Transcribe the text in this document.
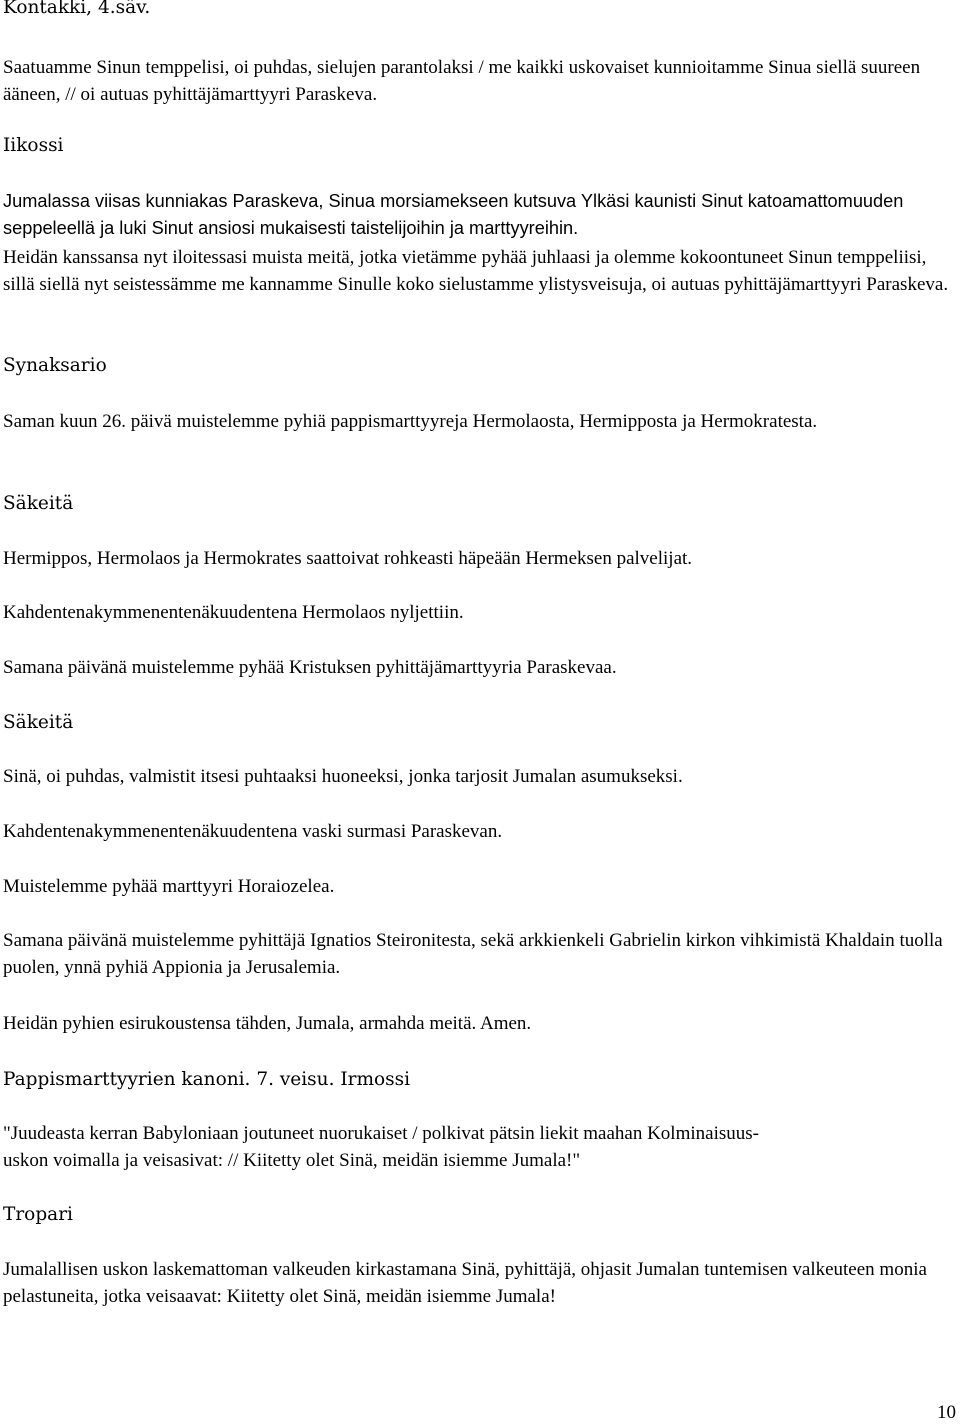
Kontakki, 4.säv.

Saatuamme Sinun temppelisi, oi puhdas, sielujen parantolaksi / me kaikki uskovaiset kunnioitamme Sinua siellä suureen ääneen, // oi autuas pyhittäjämarttyyri Paraskeva.

Iikossi

Jumalassa viisas kunniakas Paraskeva, Sinua morsiamekseen kutsuva Ylkäsi kaunisti Sinut katoamattomuuden seppeleellä ja luki Sinut ansiosi mukaisesti taistelijoihin ja marttyyreihin.

Heidän kanssansa nyt iloitessasi muista meitä, jotka vietämme pyhää juhlaasi ja olemme kokoontuneet Sinun temppeliisi, sillä siellä nyt seistessämme me kannamme Sinulle koko sielustamme ylistysveisuja, oi autuas pyhittäjämarttyyri Paraskeva.

Synaksario

Saman kuun 26. päivä muistelemme pyhiä pappismarttyyreja Hermolaosta, Hermipposta ja Hermokratesta.

Säkeitä

Hermippos, Hermolaos ja Hermokrates saattoivat rohkeasti häpeään Hermeksen palvelijat.

Kahdentenakymmenentenäkuudentena Hermolaos nyljettiin.

Samana päivänä muistelemme pyhää Kristuksen pyhittäjämarttyyria Paraskevaa.

Säkeitä

Sinä, oi puhdas, valmistit itsesi puhtaaksi huoneeksi, jonka tarjosit Jumalan asumukseksi.

Kahdentenakymmenentenäkuudentena vaski surmasi Paraskevan.

Muistelemme pyhää marttyyri Horaiozelea.

Samana päivänä muistelemme pyhittäjä Ignatios Steironitesta, sekä arkkienkeli Gabrielin kirkon vihkimistä Khaldain tuolla puolen, ynnä pyhiä Appionia ja Jerusalemia.

Heidän pyhien esirukoustensa tähden, Jumala, armahda meitä. Amen.

Pappismarttyyrien kanoni. 7. veisu. Irmossi

"Juudeasta kerran Babyloniaan joutuneet nuorukaiset / polkivat pätsin liekit maahan Kolminaisuus-

uskon voimalla ja veisasivat: // Kiitetty olet Sinä, meidän isiemme Jumala!"

Tropari

Jumalallisen uskon laskemattoman valkeuden kirkastamana Sinä, pyhittäjä, ohjasit Jumalan tuntemisen valkeuteen monia pelastuneita, jotka veisaavat: Kiitetty olet Sinä, meidän isiemme Jumala!

10
